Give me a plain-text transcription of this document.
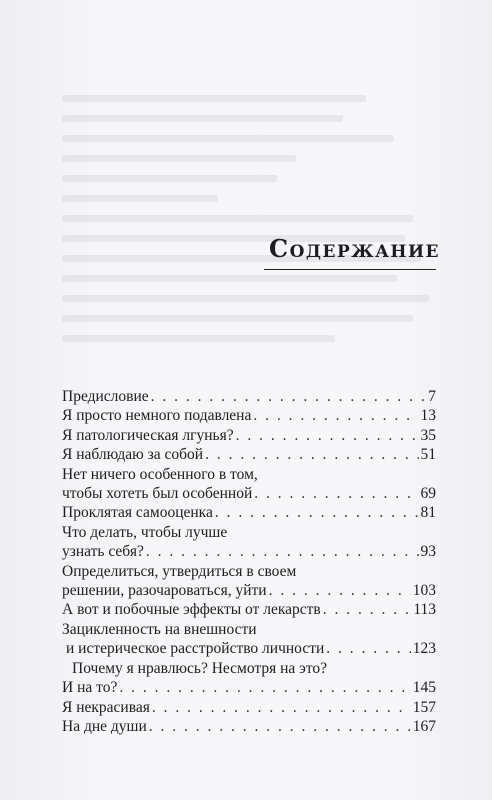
Содержание
Предисловие . . .	7
Я просто немного подавлена . . .	13
Я патологическая лгунья? . . .	35
Я наблюдаю за собой . . .	51
Нет ничего особенного в том,
чтобы хотеть был особенной . . .	69
Проклятая самооценка . . .	81
Что делать, чтобы лучше
узнать себя? . . .	93
Определиться, утвердиться в своем
решении, разочароваться, уйти . . .	103
А вот и побочные эффекты от лекарств . . .	113
Зацикленность на внешности
и истерическое расстройство личности . . .	123
Почему я нравлюсь? Несмотря на это?
И на то? . . .	145
Я некрасивая . . .	157
На дне души . . .	167
